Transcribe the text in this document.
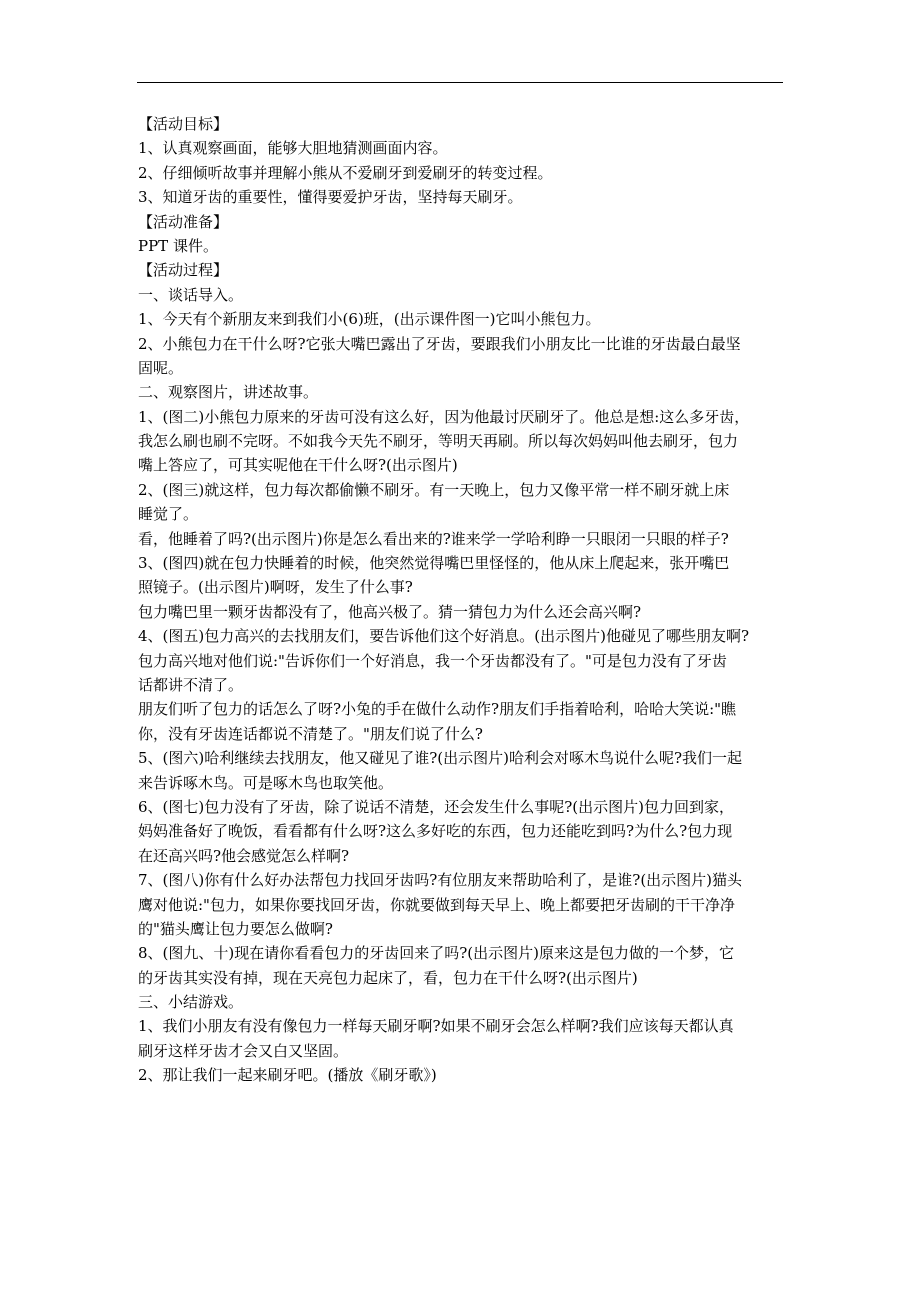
【活动目标】
1、认真观察画面，能够大胆地猜测画面内容。
2、仔细倾听故事并理解小熊从不爱刷牙到爱刷牙的转变过程。
3、知道牙齿的重要性，懂得要爱护牙齿，坚持每天刷牙。
【活动准备】
PPT 课件。
【活动过程】
一、谈话导入。
1、今天有个新朋友来到我们小(6)班，(出示课件图一)它叫小熊包力。
2、小熊包力在干什么呀?它张大嘴巴露出了牙齿，要跟我们小朋友比一比谁的牙齿最白最坚
固呢。
二、观察图片，讲述故事。
1、(图二)小熊包力原来的牙齿可没有这么好，因为他最讨厌刷牙了。他总是想:这么多牙齿，
我怎么刷也刷不完呀。不如我今天先不刷牙，等明天再刷。所以每次妈妈叫他去刷牙，包力
嘴上答应了，可其实呢他在干什么呀?(出示图片)
2、(图三)就这样，包力每次都偷懒不刷牙。有一天晚上，包力又像平常一样不刷牙就上床
睡觉了。
看，他睡着了吗?(出示图片)你是怎么看出来的?谁来学一学哈利睁一只眼闭一只眼的样子?
3、(图四)就在包力快睡着的时候，他突然觉得嘴巴里怪怪的，他从床上爬起来，张开嘴巴
照镜子。(出示图片)啊呀，发生了什么事?
包力嘴巴里一颗牙齿都没有了，他高兴极了。猜一猜包力为什么还会高兴啊?
4、(图五)包力高兴的去找朋友们，要告诉他们这个好消息。(出示图片)他碰见了哪些朋友啊?
包力高兴地对他们说:"告诉你们一个好消息，我一个牙齿都没有了。"可是包力没有了牙齿
话都讲不清了。
朋友们听了包力的话怎么了呀?小兔的手在做什么动作?朋友们手指着哈利，哈哈大笑说:"瞧
你，没有牙齿连话都说不清楚了。"朋友们说了什么?
5、(图六)哈利继续去找朋友，他又碰见了谁?(出示图片)哈利会对啄木鸟说什么呢?我们一起
来告诉啄木鸟。可是啄木鸟也取笑他。
6、(图七)包力没有了牙齿，除了说话不清楚，还会发生什么事呢?(出示图片)包力回到家，
妈妈准备好了晚饭，看看都有什么呀?这么多好吃的东西，包力还能吃到吗?为什么?包力现
在还高兴吗?他会感觉怎么样啊?
7、(图八)你有什么好办法帮包力找回牙齿吗?有位朋友来帮助哈利了，是谁?(出示图片)猫头
鹰对他说:"包力，如果你要找回牙齿，你就要做到每天早上、晚上都要把牙齿刷的干干净净
的"猫头鹰让包力要怎么做啊?
8、(图九、十)现在请你看看包力的牙齿回来了吗?(出示图片)原来这是包力做的一个梦，它
的牙齿其实没有掉，现在天亮包力起床了，看，包力在干什么呀?(出示图片)
三、小结游戏。
1、我们小朋友有没有像包力一样每天刷牙啊?如果不刷牙会怎么样啊?我们应该每天都认真
刷牙这样牙齿才会又白又坚固。
2、那让我们一起来刷牙吧。(播放《刷牙歌》)
